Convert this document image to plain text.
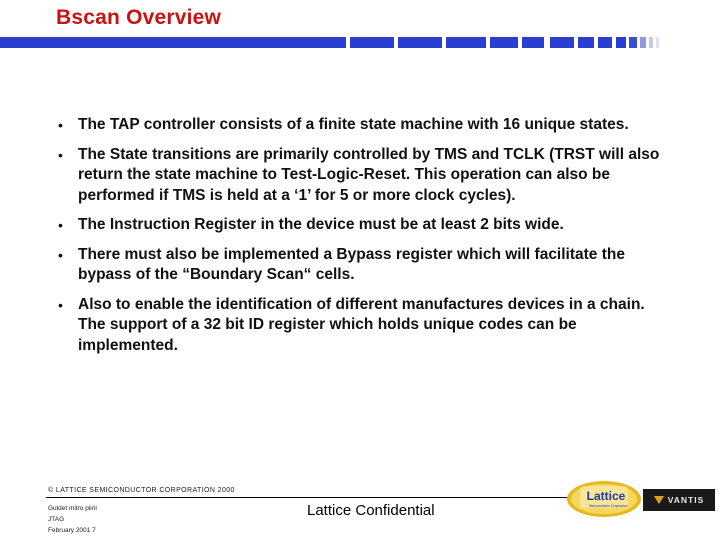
Bscan Overview
• The TAP controller consists of a finite state machine with 16 unique states.
• The State transitions are primarily controlled by TMS and TCLK (TRST will also return the state machine to Test-Logic-Reset. This operation can also be performed if TMS is held at a ‘1’ for 5 or more clock cycles).
• The Instruction Register in the device must be at least 2 bits wide.
• There must also be implemented a Bypass register which will facilitate the bypass of the “Boundary Scan“ cells.
• Also to enable the identification of different manufactures devices in a chain. The support of a 32 bit ID register which holds unique codes can be implemented.
© LATTICE SEMICONDUCTOR CORPORATION 2000
Guldet mitro pliril
JTAG
February 2001 7
Lattice Confidential
Lattice
Semiconductor Corporation
VANTIS
